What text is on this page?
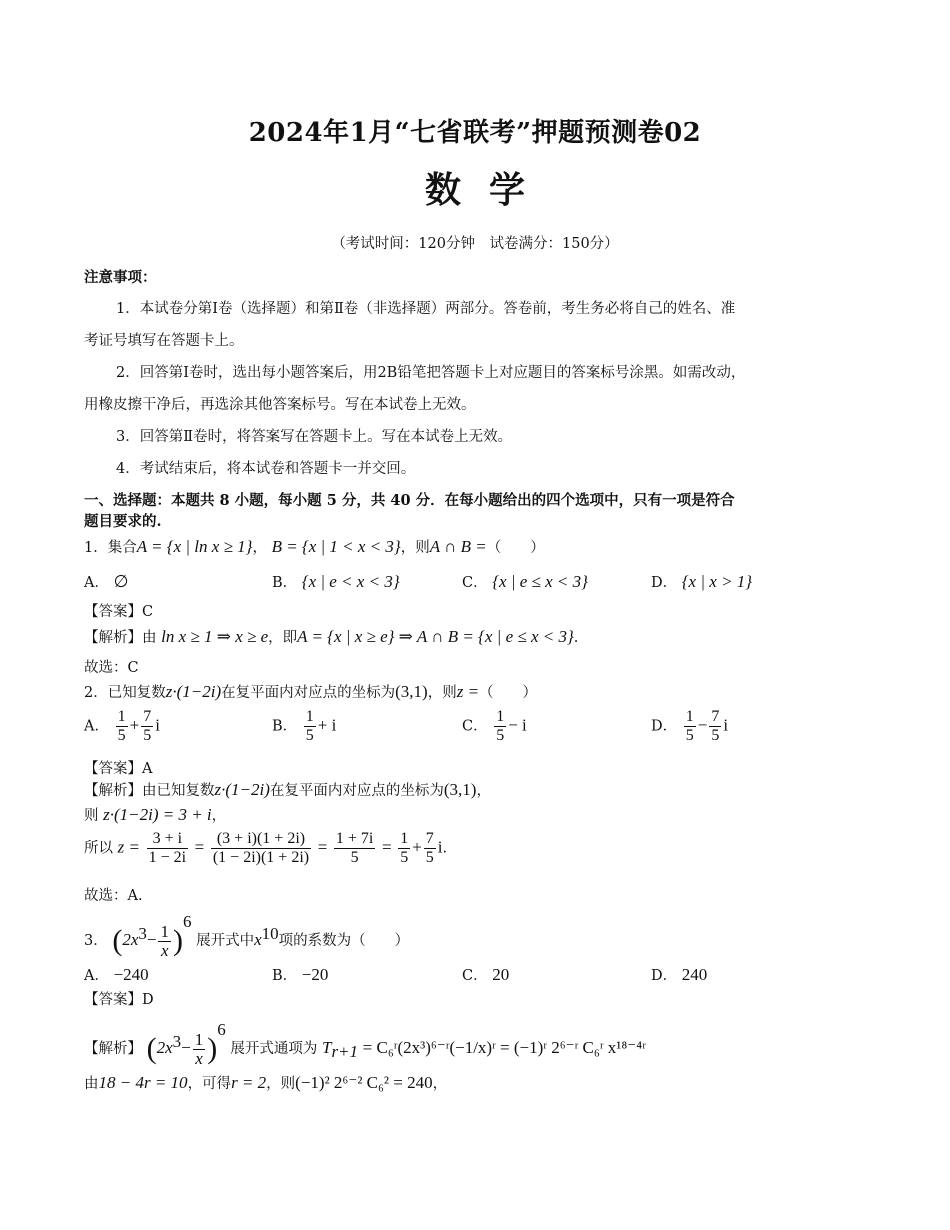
2024年1月“七省联考”押题预测卷02
数学
（考试时间：120分钟　试卷满分：150分）
注意事项：
1．本试卷分第Ⅰ卷（选择题）和第Ⅱ卷（非选择题）两部分。答卷前，考生务必将自己的姓名、准
考证号填写在答题卡上。
2．回答第Ⅰ卷时，选出每小题答案后，用2B铅笔把答题卡上对应题目的答案标号涂黑。如需改动，
用橡皮擦干净后，再选涂其他答案标号。写在本试卷上无效。
3．回答第Ⅱ卷时，将答案写在答题卡上。写在本试卷上无效。
4．考试结束后，将本试卷和答题卡一并交回。
一、选择题：本题共 8 小题，每小题 5 分，共 40 分．在每小题给出的四个选项中，只有一项是符合
题目要求的.
1．集合A = {x | ln x ≥ 1}， B = {x | 1 < x < 3}，则A ∩ B =（　　）
A． ∅	B． {x | e < x < 3}	C． {x | e ≤ x < 3}	D． {x | x > 1}
【答案】C
【解析】由 ln x ≥ 1 ⇒ x ≥ e，即A = {x | x ≥ e} ⇒ A ∩ B = {x | e ≤ x < 3}.
故选：C
2．已知复数z·(1−2i)在复平面内对应点的坐标为(3,1)，则z =（　　）
A． $\frac{1}{5} + \frac{7}{5}$ i	B． $\frac{1}{5} + i$	C． $\frac{1}{5} - i$	D． $\frac{1}{5} - \frac{7}{5}$ i
【答案】A
【解析】由已知复数z·(1−2i)在复平面内对应点的坐标为(3,1)，
则 z·(1−2i) = 3 + i，
所以 $z = \frac{3 + i}{1 - 2i} = \frac{(3 + i)(1 + 2i)}{(1 - 2i)(1 + 2i)} = \frac{1 + 7i}{5} = \frac{1}{5} + \frac{7}{5} i$.
故选：A.
3． $(2x^3- \frac{1}{x} )^6$ 展开式中$x^{10}$项的系数为（　　）
A． −240	B． −20	C． 20	D． 240
【答案】D
【解析】 $(2x^3- \frac{1}{x} )^6$ 展开式通项为 $T_{r+1}$ = C₆ʳ(2x³)⁶⁻ʳ(−1/x)ʳ = (−1)ʳ 2⁶⁻ʳ C₆ʳ x¹⁸⁻⁴ʳ
由18 − 4r = 10，可得r = 2，则(−1)² 2⁶⁻² C₆² = 240，
